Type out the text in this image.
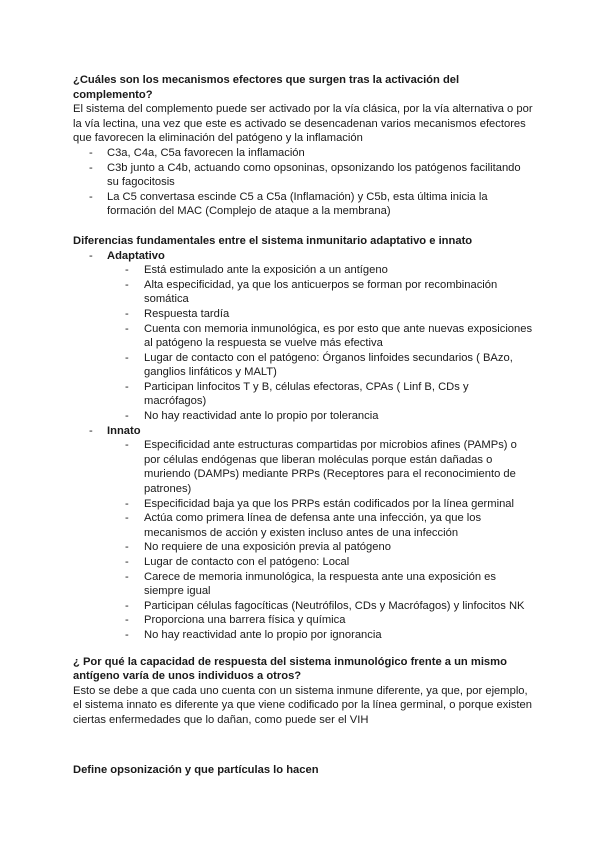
¿Cuáles son los mecanismos efectores que surgen tras la activación del complemento?

El sistema del complemento puede ser activado por la vía clásica, por la vía alternativa o por la vía lectina, una vez que este es activado se desencadenan varios mecanismos efectores que favorecen la eliminación del patógeno y la inflamación

- C3a, C4a, C5a favorecen la inflamación
- C3b junto a C4b, actuando como opsoninas, opsonizando los patógenos facilitando su fagocitosis
- La C5 convertasa escinde C5 a C5a (Inflamación) y C5b, esta última inicia la formación del MAC (Complejo de ataque a la membrana)

Diferencias fundamentales entre el sistema inmunitario adaptativo e innato

- Adaptativo
- Está estimulado ante la exposición a un antígeno
- Alta especificidad, ya que los anticuerpos se forman por recombinación somática
- Respuesta tardía
- Cuenta con memoria inmunológica, es por esto que ante nuevas exposiciones al patógeno la respuesta se vuelve más efectiva
- Lugar de contacto con el patógeno: Órganos linfoides secundarios ( BAzo, ganglios linfáticos y MALT)
- Participan linfocitos T y B, células efectoras, CPAs ( Linf B, CDs y macrófagos)
- No hay reactividad ante lo propio por tolerancia
- Innato
- Especificidad ante estructuras compartidas por microbios afines (PAMPs) o por células endógenas que liberan moléculas porque están dañadas o muriendo (DAMPs) mediante PRPs (Receptores para el reconocimiento de patrones)
- Especificidad baja ya que los PRPs están codificados por la línea germinal
- Actúa como primera línea de defensa ante una infección, ya que los mecanismos de acción y existen incluso antes de una infección
- No requiere de una exposición previa al patógeno
- Lugar de contacto con el patógeno: Local
- Carece de memoria inmunológica, la respuesta ante una exposición es siempre igual
- Participan células fagocíticas (Neutrófilos, CDs y Macrófagos) y linfocitos NK
- Proporciona una barrera física y química
- No hay reactividad ante lo propio por ignorancia

¿ Por qué la capacidad de respuesta del sistema inmunológico frente a un mismo antígeno varía de unos individuos a otros?

Esto se debe a que cada uno cuenta con un sistema inmune diferente, ya que, por ejemplo, el sistema innato es diferente ya que viene codificado por la línea germinal, o porque existen ciertas enfermedades que lo dañan, como puede ser el VIH

Define opsonización y que partículas lo hacen
